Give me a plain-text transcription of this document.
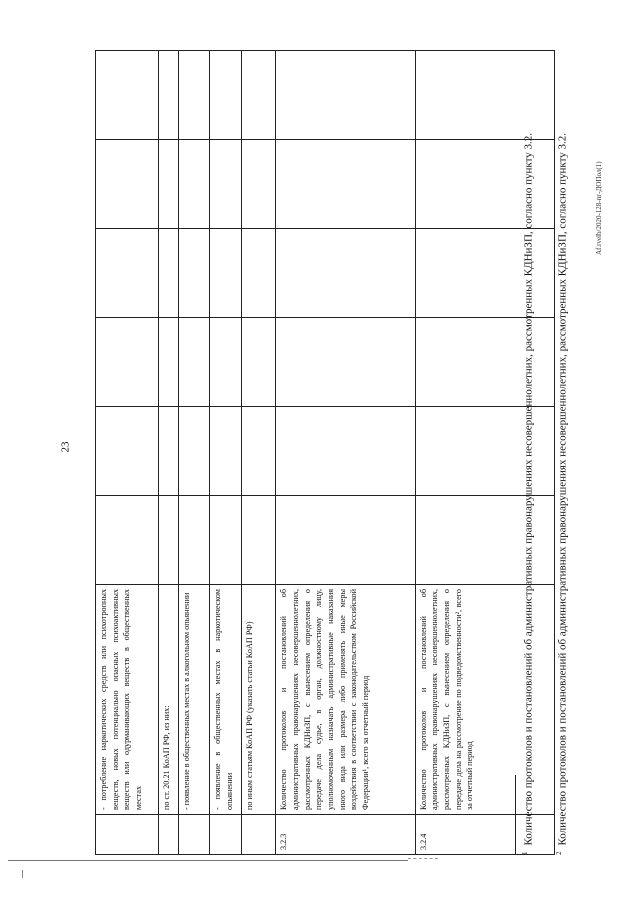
23
	- потребление наркотических средств или психотропных веществ, новых потенциально опасных психоактивных веществ или одурманивающих веществ в общественных местах						
	по ст. 20.21 КоАП РФ, из них:						
	- появление в общественных местах в алкогольном опьянении						
	- появление в общественных местах в наркотическом опьянении						
	по иным статьям КоАП РФ (указать статьи КоАП РФ)						
3.2.3	Количество протоколов и постановлений об административных правонарушениях несовершеннолетних, рассмотренных КДНиЗП, с вынесением определения о передаче дела судье, в орган, должностному лицу, уполномоченным назначать административные наказания иного вида или размера либо применять иные меры воздействия в соответствии с законодательством Российской Федерации¹, всего за отчетный период						
3.2.4	Количество протоколов и постановлений об административных правонарушениях несовершеннолетних, рассмотренных КДНиЗП, с вынесением определения о передаче дела на рассмотрение по подведомственности², всего за отчетный период						
$^1$Количество протоколов и постановлений об административных правонарушениях несовершеннолетних, рассмотренных КДНиЗП, согласно пункту 3.2.
$^2$Количество протоколов и постановлений об административных правонарушениях несовершеннолетних, рассмотренных КДНиЗП, согласно пункту 3.2.	Af.rvelb/2020-128-пг-ДОПол(1)
